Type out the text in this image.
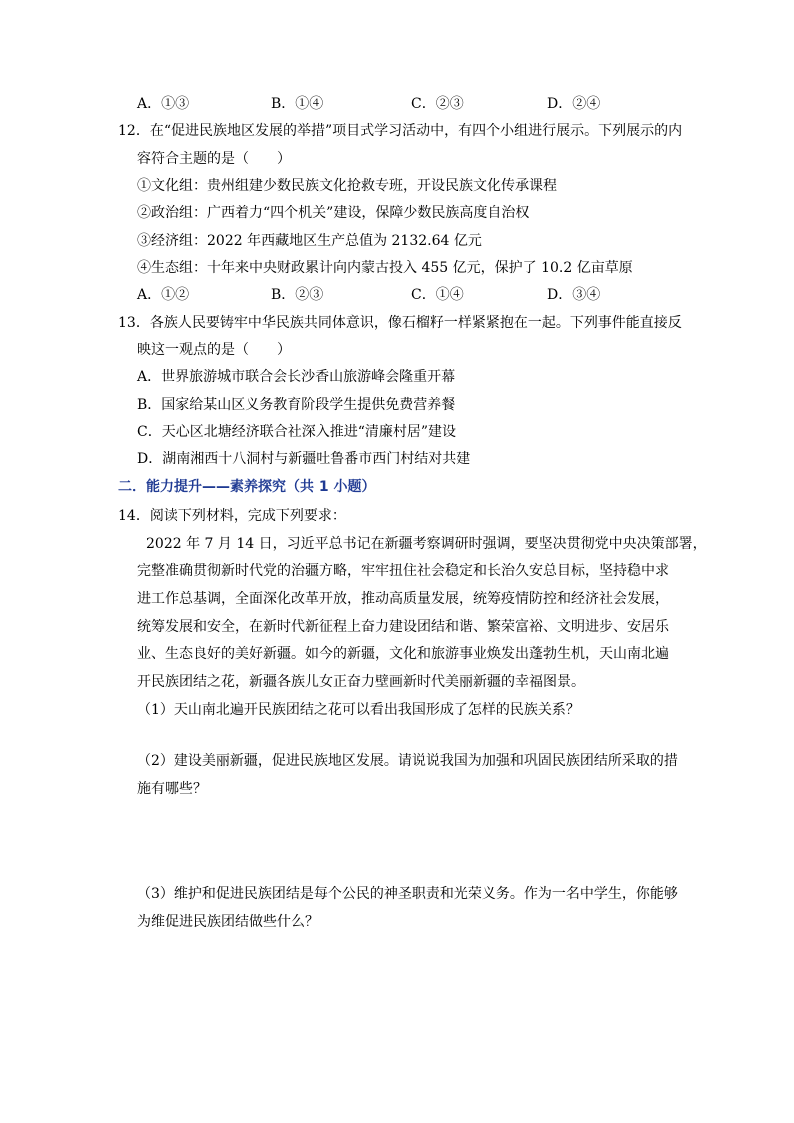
A．①③	B．①④	C．②③	D．②④
12．在“促进民族地区发展的举措”项目式学习活动中，有四个小组进行展示。下列展示的内
容符合主题的是（　　）
①文化组：贵州组建少数民族文化抢救专班，开设民族文化传承课程
②政治组：广西着力“四个机关”建设，保障少数民族高度自治权
③经济组：2022 年西藏地区生产总值为 2132.64 亿元
④生态组：十年来中央财政累计向内蒙古投入 455 亿元，保护了 10.2 亿亩草原
A．①②	B．②③	C．①④	D．③④
13．各族人民要铸牢中华民族共同体意识，像石榴籽一样紧紧抱在一起。下列事件能直接反
映这一观点的是（　　）
A．世界旅游城市联合会长沙香山旅游峰会隆重开幕
B．国家给某山区义务教育阶段学生提供免费营养餐
C．天心区北塘经济联合社深入推进“清廉村居”建设
D．湖南湘西十八洞村与新疆吐鲁番市西门村结对共建
二．能力提升——素养探究（共 1 小题）
14．阅读下列材料，完成下列要求：
2022 年 7 月 14 日，习近平总书记在新疆考察调研时强调，要坚决贯彻党中央决策部署，
完整准确贯彻新时代党的治疆方略，牢牢扭住社会稳定和长治久安总目标，坚持稳中求
进工作总基调，全面深化改革开放，推动高质量发展，统筹疫情防控和经济社会发展，
统筹发展和安全，在新时代新征程上奋力建设团结和谐、繁荣富裕、文明进步、安居乐
业、生态良好的美好新疆。如今的新疆，文化和旅游事业焕发出蓬勃生机，天山南北遍
开民族团结之花，新疆各族儿女正奋力壁画新时代美丽新疆的幸福图景。
（1）天山南北遍开民族团结之花可以看出我国形成了怎样的民族关系？
（2）建设美丽新疆，促进民族地区发展。请说说我国为加强和巩固民族团结所采取的措
施有哪些？
（3）维护和促进民族团结是每个公民的神圣职责和光荣义务。作为一名中学生，你能够
为维促进民族团结做些什么？
